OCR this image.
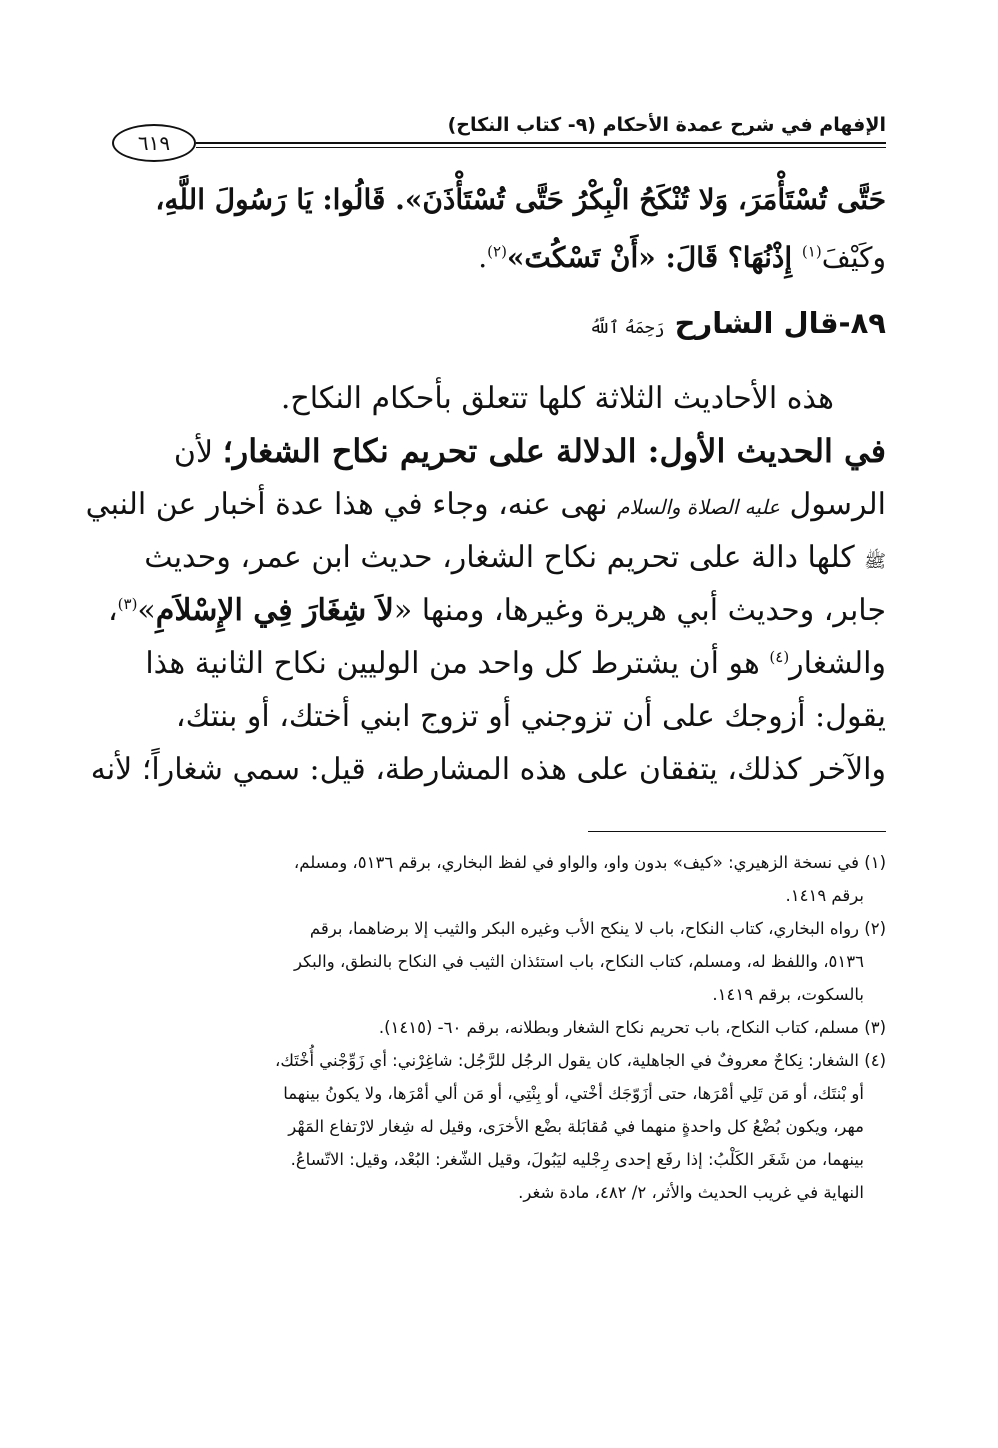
الإفهام في شرح عمدة الأحكام (٩- كتاب النكاح)
٦١٩
حَتَّى تُسْتَأْمَرَ، وَلا تُنْكَحُ الْبِكْرُ حَتَّى تُسْتَأْذَنَ». قَالُوا: يَا رَسُولَ اللَّهِ،
وكَيْفَ$^{(١)}$ إِذْنُهَا؟ قَالَ: «أَنْ تَسْكُتَ»$^{(٢)}$.
٨٩-قال الشارح رَحِمَهُ ٱللَّهُ
هذه الأحاديث الثلاثة كلها تتعلق بأحكام النكاح.
في الحديث الأول: الدلالة على تحريم نكاح الشغار؛ لأن
الرسول عليه الصلاة والسلام نهى عنه، وجاء في هذا عدة أخبار عن النبي
ﷺ كلها دالة على تحريم نكاح الشغار، حديث ابن عمر، وحديث
جابر، وحديث أبي هريرة وغيرها، ومنها «لاَ شِغَارَ فِي الإِسْلاَمِ»$^{(٣)}$،
والشغار$^{(٤)}$ هو أن يشترط كل واحد من الوليين نكاح الثانية هذا
يقول: أزوجك على أن تزوجني أو تزوج ابني أختك، أو بنتك،
والآخر كذلك، يتفقان على هذه المشارطة، قيل: سمي شغاراً؛ لأنه
(١) في نسخة الزهيري: «كيف» بدون واو، والواو في لفظ البخاري، برقم ٥١٣٦، ومسلم،
برقم ١٤١٩.
(٢) رواه البخاري، كتاب النكاح، باب لا ينكح الأب وغيره البكر والثيب إلا برضاهما، برقم
٥١٣٦، واللفظ له، ومسلم، كتاب النكاح، باب استئذان الثيب في النكاح بالنطق، والبكر
بالسكوت، برقم ١٤١٩.
(٣) مسلم، كتاب النكاح، باب تحريم نكاح الشغار وبطلانه، برقم ٦٠- (١٤١٥).
(٤) الشغار: نِكاحٌ معروفٌ في الجاهلية، كان يقول الرجُل للرَّجُل: شاغِرْني: أي زَوِّجْني أُخْتَك،
أو بْنتَك، أو مَن تَلِي أمْرَها، حتى أزَوّجَك أخْتي، أو بِنْتِي، أو مَن ألي أمْرَها، ولا يكونُ بينهما
مهر، ويكون بُضْعُ كل واحدةٍ منهما في مُقابَلة بضْع الأخرَى، وقيل له شِغار لارْتفاع المَهْر
بينهما، من شَغَر الكَلْبُ: إذا رفَع إحدى رِجْليه ليَبُولَ، وقيل الشّغر: البُعْد، وقيل: الاتّساعُ.
النهاية في غريب الحديث والأثر، ٢/ ٤٨٢، مادة شغر.
